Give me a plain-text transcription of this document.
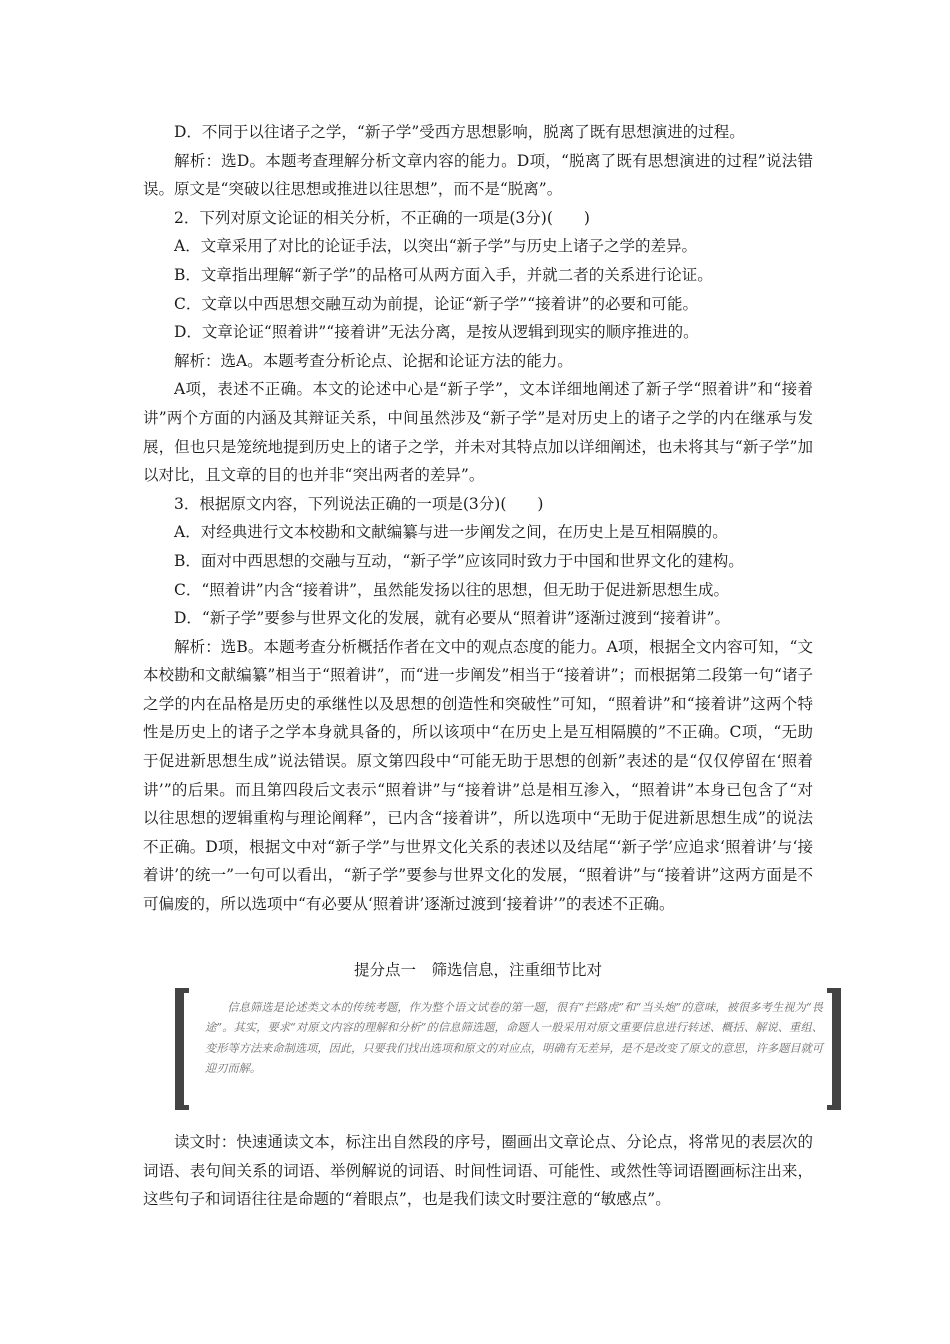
D．不同于以往诸子之学，“新子学”受西方思想影响，脱离了既有思想演进的过程。

解析：选D。本题考查理解分析文章内容的能力。D项，“脱离了既有思想演进的过程”说法错误。原文是“突破以往思想或推进以往思想”，而不是“脱离”。

2．下列对原文论证的相关分析，不正确的一项是(3分)(　　)

A．文章采用了对比的论证手法，以突出“新子学”与历史上诸子之学的差异。

B．文章指出理解“新子学”的品格可从两方面入手，并就二者的关系进行论证。

C．文章以中西思想交融互动为前提，论证“新子学”“接着讲”的必要和可能。

D．文章论证“照着讲”“接着讲”无法分离，是按从逻辑到现实的顺序推进的。

解析：选A。本题考查分析论点、论据和论证方法的能力。

A项，表述不正确。本文的论述中心是“新子学”，文本详细地阐述了新子学“照着讲”和“接着讲”两个方面的内涵及其辩证关系，中间虽然涉及“新子学”是对历史上的诸子之学的内在继承与发展，但也只是笼统地提到历史上的诸子之学，并未对其特点加以详细阐述，也未将其与“新子学”加以对比，且文章的目的也并非“突出两者的差异”。

3．根据原文内容，下列说法正确的一项是(3分)(　　)

A．对经典进行文本校勘和文献编纂与进一步阐发之间，在历史上是互相隔膜的。

B．面对中西思想的交融与互动，“新子学”应该同时致力于中国和世界文化的建构。

C．“照着讲”内含“接着讲”，虽然能发扬以往的思想，但无助于促进新思想生成。

D．“新子学”要参与世界文化的发展，就有必要从“照着讲”逐渐过渡到“接着讲”。

解析：选B。本题考查分析概括作者在文中的观点态度的能力。A项，根据全文内容可知，“文本校勘和文献编纂”相当于“照着讲”，而“进一步阐发”相当于“接着讲”；而根据第二段第一句“诸子之学的内在品格是历史的承继性以及思想的创造性和突破性”可知，“照着讲”和“接着讲”这两个特性是历史上的诸子之学本身就具备的，所以该项中“在历史上是互相隔膜的”不正确。C项，“无助于促进新思想生成”说法错误。原文第四段中“可能无助于思想的创新”表述的是“仅仅停留在‘照着讲’”的后果。而且第四段后文表示“照着讲”与“接着讲”总是相互渗入，“照着讲”本身已包含了“对以往思想的逻辑重构与理论阐释”，已内含“接着讲”，所以选项中“无助于促进新思想生成”的说法不正确。D项，根据文中对“新子学”与世界文化关系的表述以及结尾“‘新子学’应追求‘照着讲’与‘接着讲’的统一”一句可以看出，“新子学”要参与世界文化的发展，“照着讲”与“接着讲”这两方面是不可偏废的，所以选项中“有必要从‘照着讲’逐渐过渡到‘接着讲’”的表述不正确。

提分点一　筛选信息，注重细节比对
信息筛选是论述类文本的传统考题，作为整个语文试卷的第一题，很有“拦路虎”和“当头炮”的意味，被很多考生视为“畏途”。其实，要求“对原文内容的理解和分析”的信息筛选题，命题人一般采用对原文重要信息进行转述、概括、解说、重组、变形等方法来命制选项，因此，只要我们找出选项和原文的对应点，明确有无差异，是不是改变了原文的意思，许多题目就可迎刃而解。

读文时：快速通读文本，标注出自然段的序号，圈画出文章论点、分论点，将常见的表层次的词语、表句间关系的词语、举例解说的词语、时间性词语、可能性、或然性等词语圈画标注出来，这些句子和词语往往是命题的“着眼点”，也是我们读文时要注意的“敏感点”。
